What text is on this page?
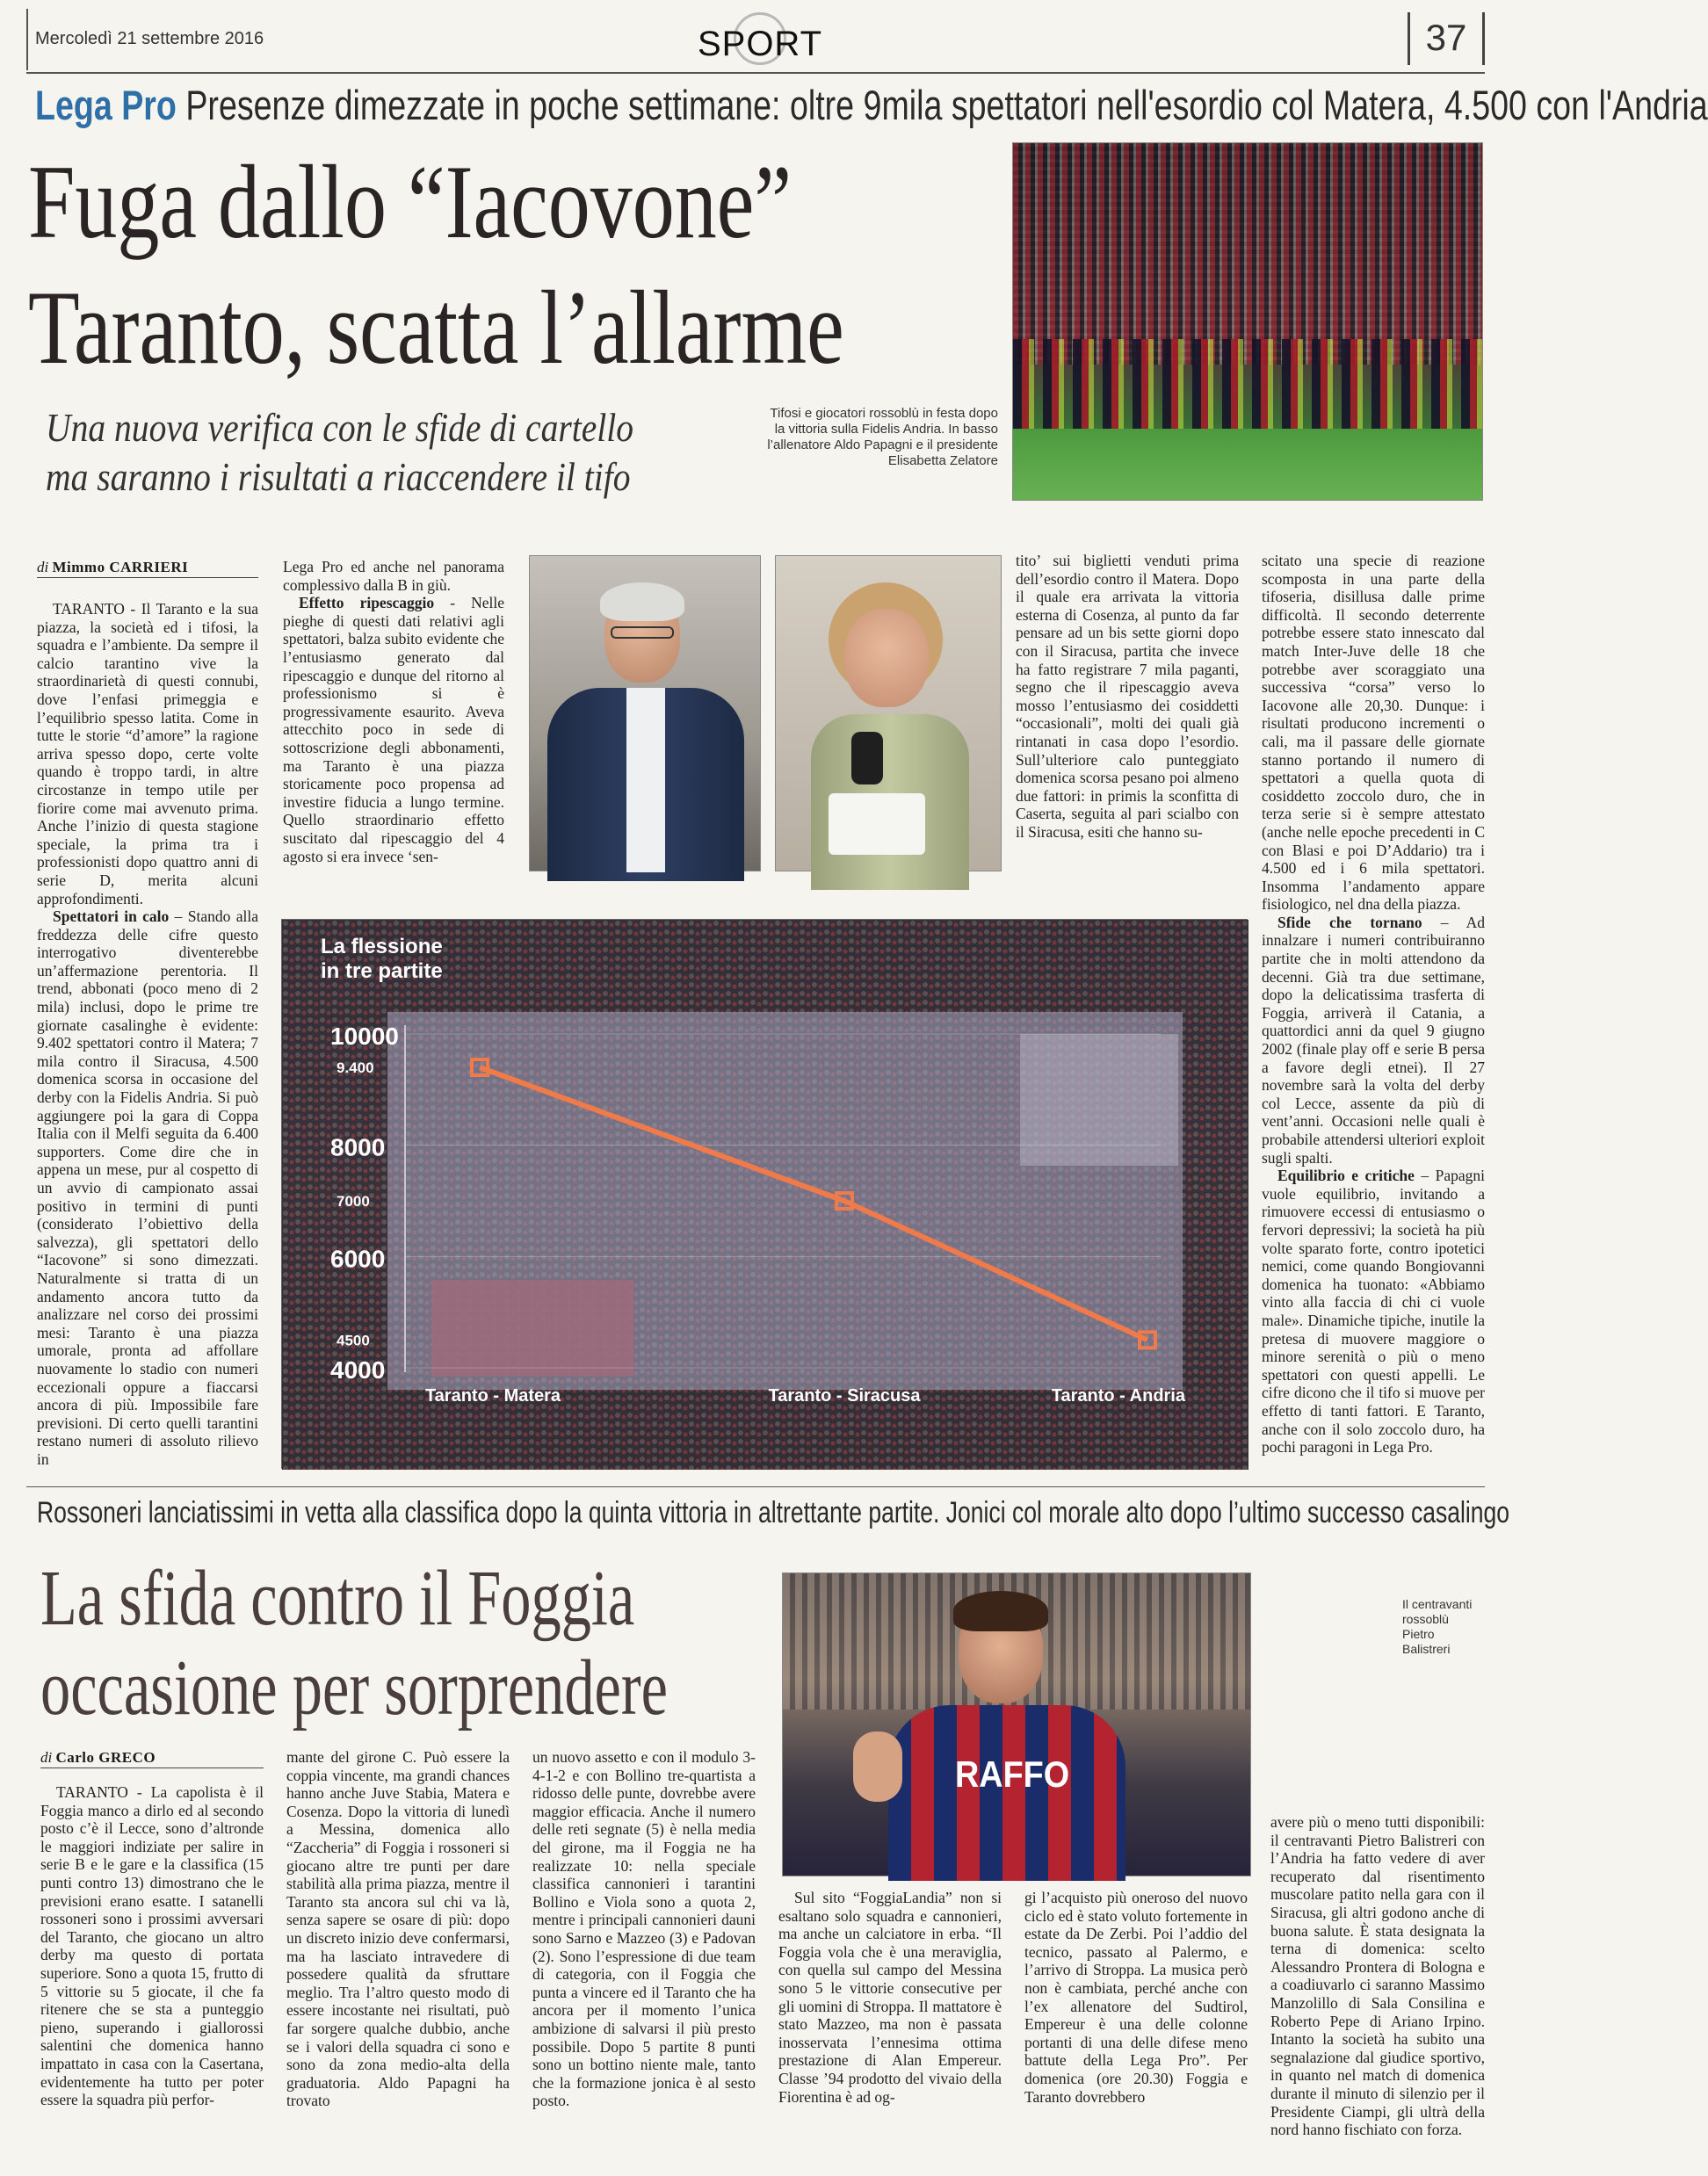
Mercoledì 21 settembre 2016	SPORT	37
Lega Pro Presenze dimezzate in poche settimane: oltre 9mila spettatori nell'esordio col Matera, 4.500 con l'Andria
Fuga dallo “Iacovone”
Taranto, scatta l’allarme
Una nuova verifica con le sfide di cartello
ma saranno i risultati a riaccendere il tifo
Tifosi e giocatori rossoblù in festa dopo la vittoria sulla Fidelis Andria. In basso l’allenatore Aldo Papagni e il presidente Elisabetta Zelatore
di Mimmo CARRIERI

TARANTO - Il Taranto e la sua piazza, la società ed i tifosi, la squadra e l’ambiente. Da sempre il calcio tarantino vive la straordinarietà di questi connubi, dove l’enfasi primeggia e l’equilibrio spesso latita. Come in tutte le storie “d’amore” la ragione arriva spesso dopo, certe volte quando è troppo tardi, in altre circostanze in tempo utile per fiorire come mai avvenuto prima. Anche l’inizio di questa stagione speciale, la prima tra i professionisti dopo quattro anni di serie D, merita alcuni approfondimenti.

Spettatori in calo – Stando alla freddezza delle cifre questo interrogativo diventerebbe un’affermazione perentoria. Il trend, abbonati (poco meno di 2 mila) inclusi, dopo le prime tre giornate casalinghe è evidente: 9.402 spettatori contro il Matera; 7 mila contro il Siracusa, 4.500 domenica scorsa in occasione del derby con la Fidelis Andria. Si può aggiungere poi la gara di Coppa Italia con il Melfi seguita da 6.400 supporters. Come dire che in appena un mese, pur al cospetto di un avvio di campionato assai positivo in termini di punti (considerato l’obiettivo della salvezza), gli spettatori dello “Iacovone” si sono dimezzati. Naturalmente si tratta di un andamento ancora tutto da analizzare nel corso dei prossimi mesi: Taranto è una piazza umorale, pronta ad affollare nuovamente lo stadio con numeri eccezionali oppure a fiaccarsi ancora di più. Impossibile fare previsioni. Di certo quelli tarantini restano numeri di assoluto rilievo in

Lega Pro ed anche nel panorama complessivo dalla B in giù.

Effetto ripescaggio - Nelle pieghe di questi dati relativi agli spettatori, balza subito evidente che l’entusiasmo generato dal ripescaggio e dunque del ritorno al professionismo si è progressivamente esaurito. Aveva attecchito poco in sede di sottoscrizione degli abbonamenti, ma Taranto è una piazza storicamente poco propensa ad investire fiducia a lungo termine. Quello straordinario effetto suscitato dal ripescaggio del 4 agosto si era invece ‘sen-

tito’ sui biglietti venduti prima dell’esordio contro il Matera. Dopo il quale era arrivata la vittoria esterna di Cosenza, al punto da far pensare ad un bis sette giorni dopo con il Siracusa, partita che invece ha fatto registrare 7 mila paganti, segno che il ripescaggio aveva mosso l’entusiasmo dei cosiddetti “occasionali”, molti dei quali già rintanati in casa dopo l’esordio. Sull’ulteriore calo punteggiato domenica scorsa pesano poi almeno due fattori: in primis la sconfitta di Caserta, seguita al pari scialbo con il Siracusa, esiti che hanno su-

scitato una specie di reazione scomposta in una parte della tifoseria, disillusa dalle prime difficoltà. Il secondo deterrente potrebbe essere stato innescato dal match Inter-Juve delle 18 che potrebbe aver scoraggiato una successiva “corsa” verso lo Iacovone alle 20,30. Dunque: i risultati producono incrementi o cali, ma il passare delle giornate stanno portando il numero di spettatori a quella quota di cosiddetto zoccolo duro, che in terza serie si è sempre attestato (anche nelle epoche precedenti in C con Blasi e poi D’Addario) tra i 4.500 ed i 6 mila spettatori. Insomma l’andamento appare fisiologico, nel dna della piazza.

Sfide che tornano – Ad innalzare i numeri contribuiranno partite che in molti attendono da decenni. Già tra due settimane, dopo la delicatissima trasferta di Foggia, arriverà il Catania, a quattordici anni da quel 9 giugno 2002 (finale play off e serie B persa a favore degli etnei). Il 27 novembre sarà la volta del derby col Lecce, assente da più di vent’anni. Occasioni nelle quali è probabile attendersi ulteriori exploit sugli spalti.

Equilibrio e critiche – Papagni vuole equilibrio, invitando a rimuovere eccessi di entusiasmo o fervori depressivi; la società ha più volte sparato forte, contro ipotetici nemici, come quando Bongiovanni domenica ha tuonato: «Abbiamo vinto alla faccia di chi ci vuole male». Dinamiche tipiche, inutile la pretesa di muovere maggiore o minore serenità o più o meno spettatori con questi appelli. Le cifre dicono che il tifo si muove per effetto di tanti fattori. E Taranto, anche con il solo zoccolo duro, ha pochi paragoni in Lega Pro.

10000
8000
6000
4000
9.400
7000
4500
Taranto - Matera	Taranto - Siracusa	Taranto - Andria
La flessione
in tre partite
Rossoneri lanciatissimi in vetta alla classifica dopo la quinta vittoria in altrettante partite. Jonici col morale alto dopo l’ultimo successo casalingo
La sfida contro il Foggia
occasione per sorprendere
RAFFO
Il centravanti rossoblù Pietro Balistreri
di Carlo GRECO

TARANTO - La capolista è il Foggia manco a dirlo ed al secondo posto c’è il Lecce, sono d’altronde le maggiori indiziate per salire in serie B e le gare e la classifica (15 punti contro 13) dimostrano che le previsioni erano esatte. I satanelli rossoneri sono i prossimi avversari del Taranto, che giocano un altro derby ma questo di portata superiore. Sono a quota 15, frutto di 5 vittorie su 5 giocate, il che fa ritenere che se sta a punteggio pieno, superando i giallorossi salentini che domenica hanno impattato in casa con la Casertana, evidentemente ha tutto per poter essere la squadra più perfor-

mante del girone C. Può essere la coppia vincente, ma grandi chances hanno anche Juve Stabia, Matera e Cosenza. Dopo la vittoria di lunedì a Messina, domenica allo “Zaccheria” di Foggia i rossoneri si giocano altre tre punti per dare stabilità alla prima piazza, mentre il Taranto sta ancora sul chi va là, senza sapere se osare di più: dopo un discreto inizio deve confermarsi, ma ha lasciato intravedere di possedere qualità da sfruttare meglio. Tra l’altro questo modo di essere incostante nei risultati, può far sorgere qualche dubbio, anche se i valori della squadra ci sono e sono da zona medio-alta della graduatoria. Aldo Papagni ha trovato

un nuovo assetto e con il modulo 3-4-1-2 e con Bollino tre-quartista a ridosso delle punte, dovrebbe avere maggior efficacia. Anche il numero delle reti segnate (5) è nella media del girone, ma il Foggia ne ha realizzate 10: nella speciale classifica cannonieri i tarantini Bollino e Viola sono a quota 2, mentre i principali cannonieri dauni sono Sarno e Mazzeo (3) e Padovan (2). Sono l’espressione di due team di categoria, con il Foggia che punta a vincere ed il Taranto che ha ancora per il momento l’unica ambizione di salvarsi il più presto possibile. Dopo 5 partite 8 punti sono un bottino niente male, tanto che la formazione jonica è al sesto posto.

Sul sito “FoggiaLandia” non si esaltano solo squadra e cannonieri, ma anche un calciatore in erba. “Il Foggia vola che è una meraviglia, con quella sul campo del Messina sono 5 le vittorie consecutive per gli uomini di Stroppa. Il mattatore è stato Mazzeo, ma non è passata inosservata l’ennesima ottima prestazione di Alan Empereur. Classe ’94 prodotto del vivaio della Fiorentina è ad og-

gi l’acquisto più oneroso del nuovo ciclo ed è stato voluto fortemente in estate da De Zerbi. Poi l’addio del tecnico, passato al Palermo, e l’arrivo di Stroppa. La musica però non è cambiata, perché anche con l’ex allenatore del Sudtirol, Empereur è una delle colonne portanti di una delle difese meno battute della Lega Pro”. Per domenica (ore 20.30) Foggia e Taranto dovrebbero

avere più o meno tutti disponibili: il centravanti Pietro Balistreri con l’Andria ha fatto vedere di aver recuperato dal risentimento muscolare patito nella gara con il Siracusa, gli altri godono anche di buona salute. È stata designata la terna di domenica: scelto Alessandro Prontera di Bologna e a coadiuvarlo ci saranno Massimo Manzolillo di Sala Consilina e Roberto Pepe di Ariano Irpino. Intanto la società ha subito una segnalazione dal giudice sportivo, in quanto nel match di domenica durante il minuto di silenzio per il Presidente Ciampi, gli ultrà della nord hanno fischiato con forza.
